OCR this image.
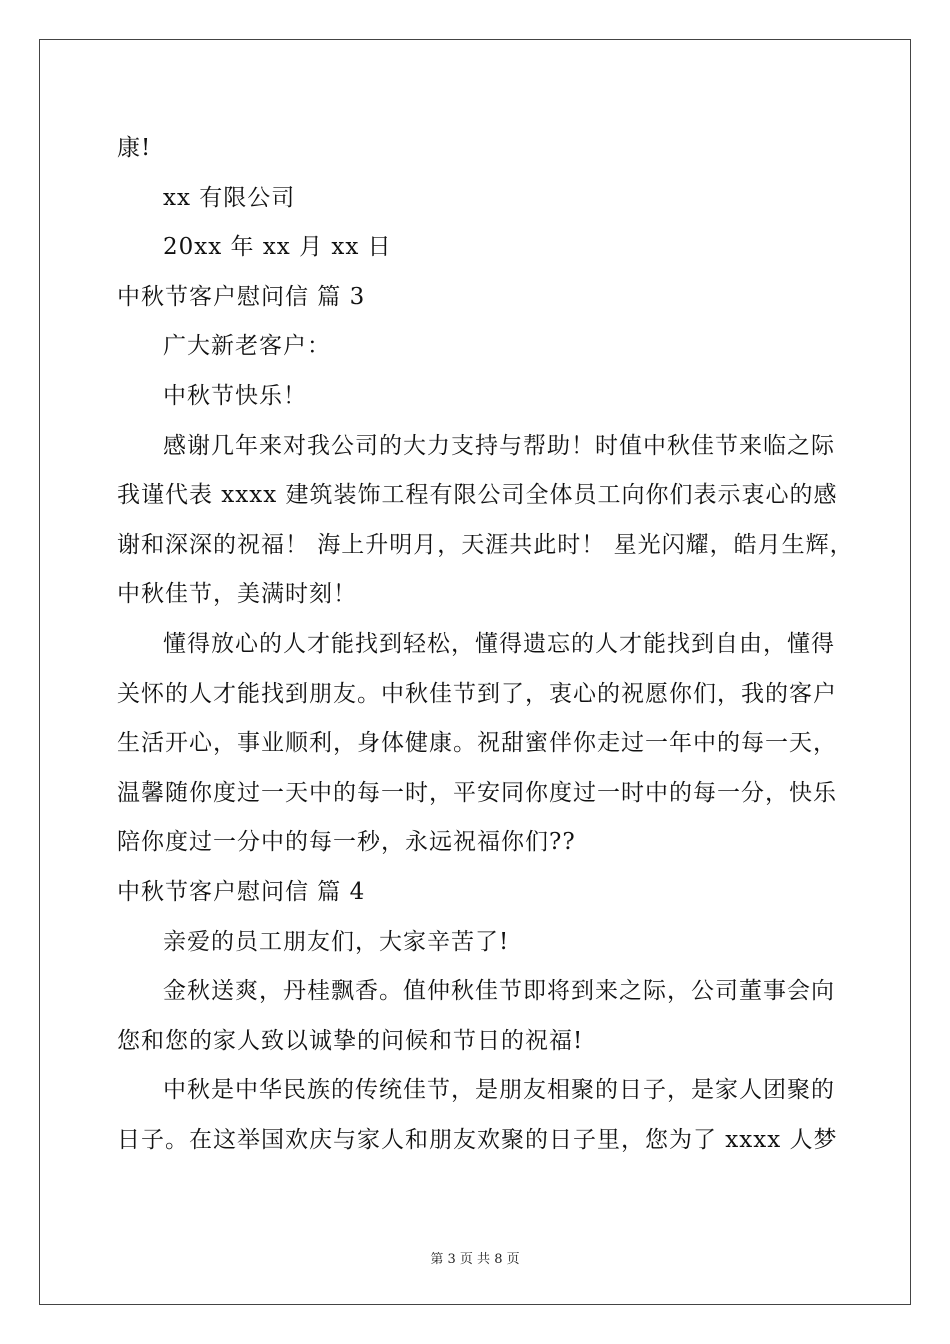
康!
xx 有限公司
20xx 年 xx 月 xx 日
中秋节客户慰问信 篇 3
广大新老客户：
中秋节快乐！
感谢几年来对我公司的大力支持与帮助！时值中秋佳节来临之际
我谨代表 xxxx 建筑装饰工程有限公司全体员工向你们表示衷心的感
谢和深深的祝福！ 海上升明月，天涯共此时！ 星光闪耀，皓月生辉，
中秋佳节，美满时刻！
懂得放心的人才能找到轻松，懂得遗忘的人才能找到自由，懂得
关怀的人才能找到朋友。中秋佳节到了，衷心的祝愿你们，我的客户
生活开心，事业顺利，身体健康。祝甜蜜伴你走过一年中的每一天，
温馨随你度过一天中的每一时，平安同你度过一时中的每一分，快乐
陪你度过一分中的每一秒，永远祝福你们??
中秋节客户慰问信 篇 4
亲爱的员工朋友们，大家辛苦了!
金秋送爽，丹桂飘香。值仲秋佳节即将到来之际，公司董事会向
您和您的家人致以诚挚的问候和节日的祝福!
中秋是中华民族的传统佳节，是朋友相聚的日子，是家人团聚的
日子。在这举国欢庆与家人和朋友欢聚的日子里，您为了 xxxx 人梦
第 3 页 共 8 页
